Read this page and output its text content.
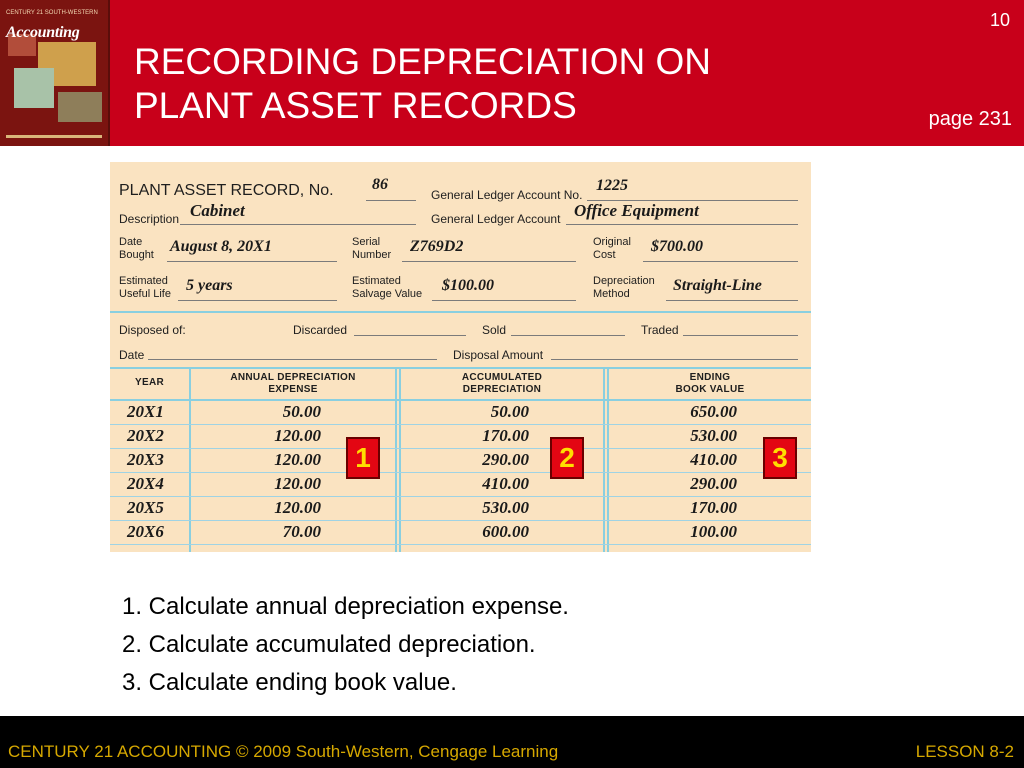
CENTURY 21 SOUTH-WESTERN
Accounting
RECORDING DEPRECIATION ON
PLANT ASSET RECORDS
10
page 231
PLANT ASSET RECORD, No. 86
General Ledger Account No.
1225
Description Cabinet	General Ledger Account Office Equipment
Date
Bought August 8, 20X1	Serial
Number Z769D2	Original
Cost	$700.00
Estimated
Useful Life 5 years	Estimated
Salvage Value $100.00	Depreciation
Method	Straight-Line
Disposed of:	Discarded	Sold	Traded
Date	Disposal Amount
YEAR	ANNUAL DEPRECIATION
EXPENSE
ACCUMULATED
DEPRECIATION
ENDING
BOOK VALUE
20X1	50.00	50.00	650.00
20X2	120.00	170.00	530.00
20X3	120.00	290.00	410.00
20X4	120.00	410.00	290.00
20X5	120.00	530.00	170.00
20X6	70.00	600.00	100.00
1	2	3
1. Calculate annual depreciation expense.
2. Calculate accumulated depreciation.
3. Calculate ending book value.
CENTURY 21 ACCOUNTING © 2009 South-Western, Cengage Learning	LESSON 8-2
